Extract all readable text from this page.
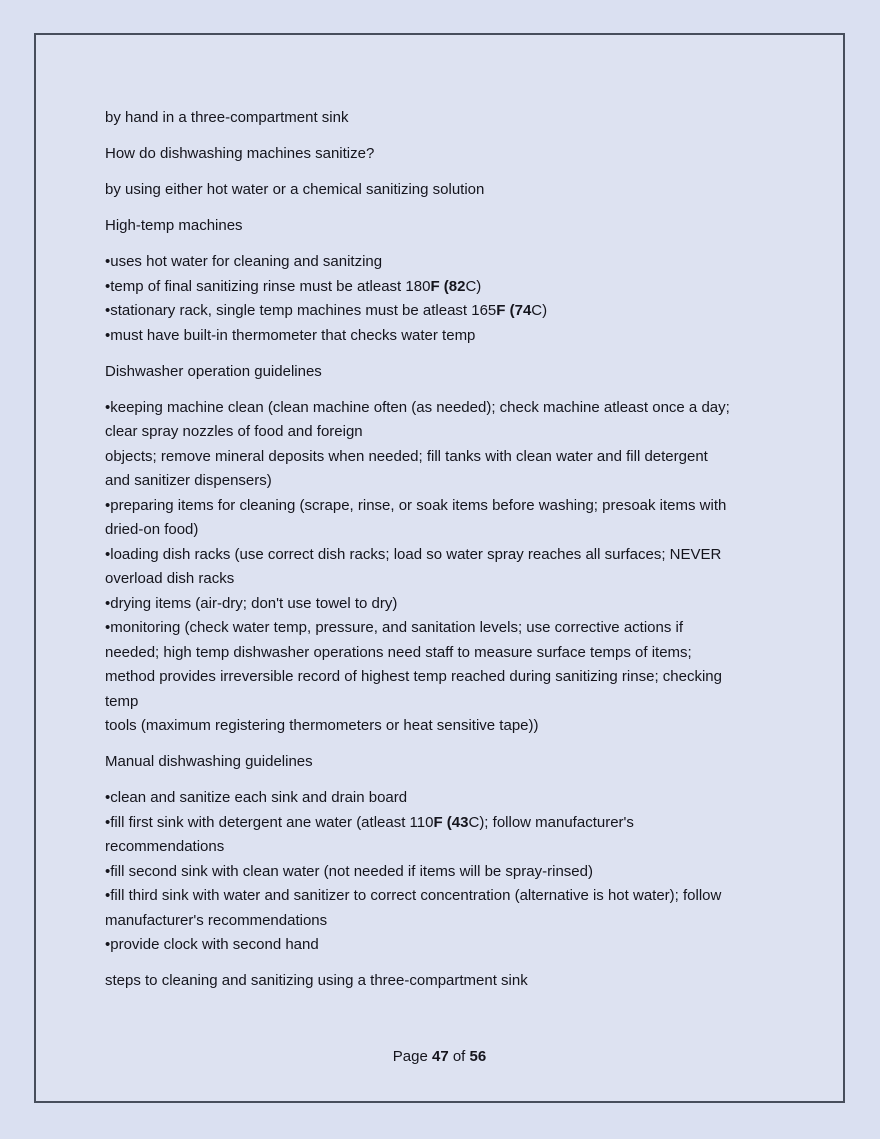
by hand in a three-compartment sink

How do dishwashing machines sanitize?

by using either hot water or a chemical sanitizing solution

High-temp machines

•uses hot water for cleaning and sanitzing
•temp of final sanitizing rinse must be atleast 180F (82C)
•stationary rack, single temp machines must be atleast 165F (74C)
•must have built-in thermometer that checks water temp

Dishwasher operation guidelines

•keeping machine clean (clean machine often (as needed); check machine atleast once a day;
clear spray nozzles of food and foreign
objects; remove mineral deposits when needed; fill tanks with clean water and fill detergent
and sanitizer dispensers)
•preparing items for cleaning (scrape, rinse, or soak items before washing; presoak items with
dried-on food)
•loading dish racks (use correct dish racks; load so water spray reaches all surfaces; NEVER
overload dish racks
•drying items (air-dry; don't use towel to dry)
•monitoring (check water temp, pressure, and sanitation levels; use corrective actions if
needed; high temp dishwasher operations need staff to measure surface temps of items;
method provides irreversible record of highest temp reached during sanitizing rinse; checking
temp
tools (maximum registering thermometers or heat sensitive tape))

Manual dishwashing guidelines

•clean and sanitize each sink and drain board
•fill first sink with detergent ane water (atleast 110F (43C); follow manufacturer's
recommendations
•fill second sink with clean water (not needed if items will be spray-rinsed)
•fill third sink with water and sanitizer to correct concentration (alternative is hot water); follow
manufacturer's recommendations
•provide clock with second hand

steps to cleaning and sanitizing using a three-compartment sink

Page 47 of 56
